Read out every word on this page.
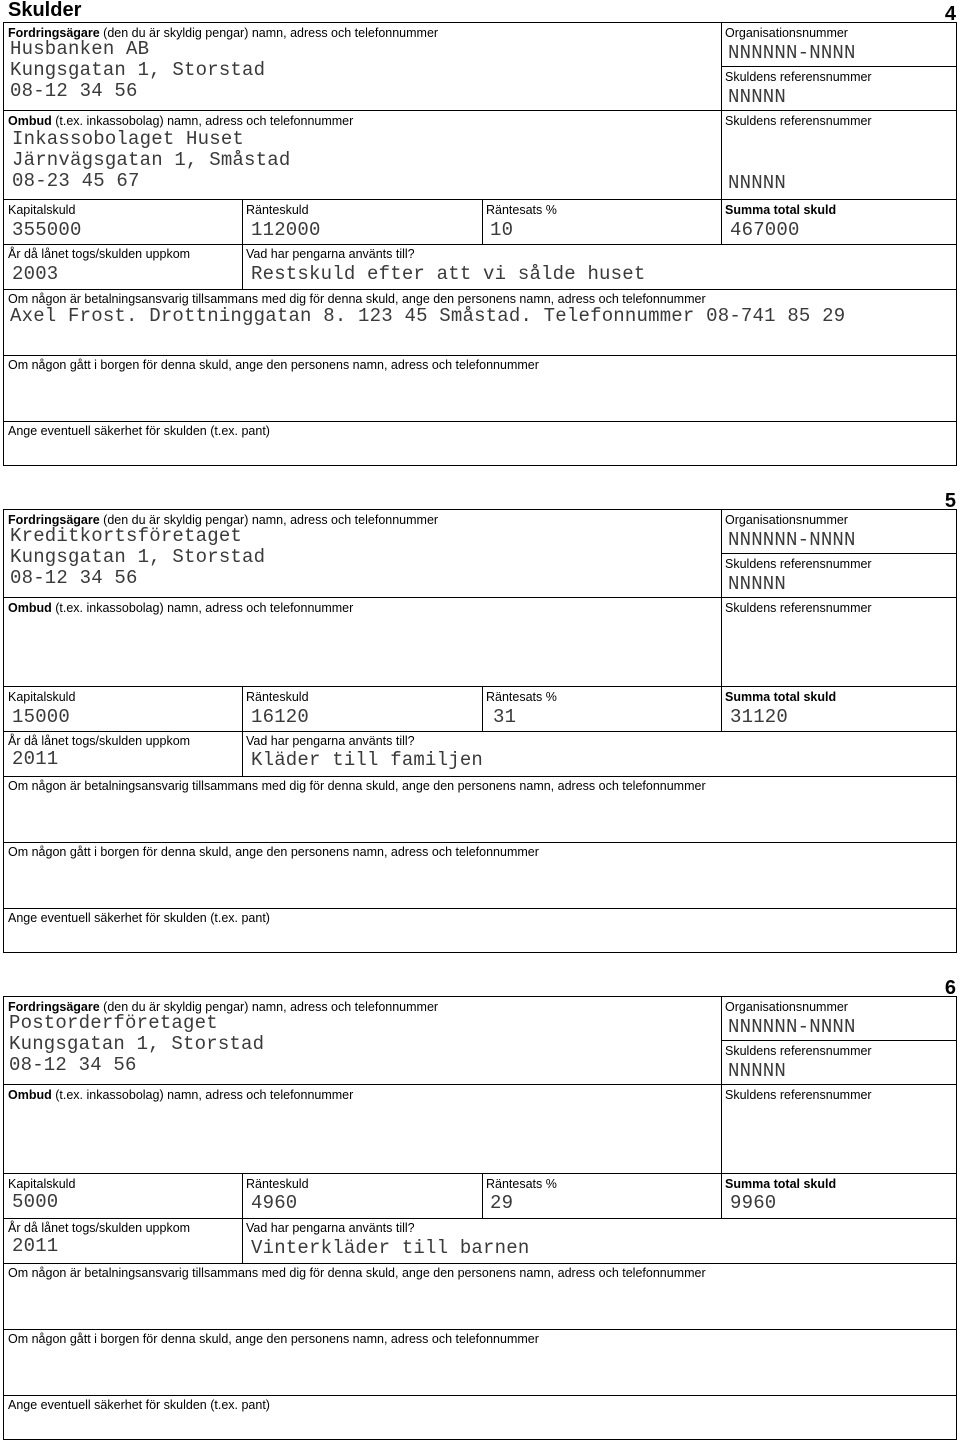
Skulder	4
Fordringsägare (den du är skyldig pengar) namn, adress och telefonnummer
Husbanken AB
Kungsgatan 1, Storstad
08-12 34 56
Organisationsnummer
NNNNNN-NNNN
Skuldens referensnummer
NNNNN
Ombud (t.ex. inkassobolag) namn, adress och telefonnummer
Inkassobolaget Huset
Järnvägsgatan 1, Småstad
08-23 45 67
Skuldens referensnummer
NNNNN
Kapitalskuld
355000
Ränteskuld
112000
Räntesats %
10
Summa total skuld
467000
År då lånet togs/skulden uppkom
2003
Vad har pengarna använts till?
Restskuld efter att vi sålde huset
Om någon är betalningsansvarig tillsammans med dig för denna skuld, ange den personens namn, adress och telefonnummer
Axel Frost. Drottninggatan 8. 123 45 Småstad. Telefonnummer 08-741 85 29
Om någon gått i borgen för denna skuld, ange den personens namn, adress och telefonnummer
Ange eventuell säkerhet för skulden (t.ex. pant)
5
Fordringsägare (den du är skyldig pengar) namn, adress och telefonnummer
Kreditkortsföretaget
Kungsgatan 1, Storstad
08-12 34 56
Organisationsnummer
NNNNNN-NNNN
Skuldens referensnummer
NNNNN
Ombud (t.ex. inkassobolag) namn, adress och telefonnummer	Skuldens referensnummer
Kapitalskuld
15000
Ränteskuld
16120
Räntesats %
31
Summa total skuld
31120
År då lånet togs/skulden uppkom
2011
Vad har pengarna använts till?
Kläder till familjen
Om någon är betalningsansvarig tillsammans med dig för denna skuld, ange den personens namn, adress och telefonnummer
Om någon gått i borgen för denna skuld, ange den personens namn, adress och telefonnummer
Ange eventuell säkerhet för skulden (t.ex. pant)
6
Fordringsägare (den du är skyldig pengar) namn, adress och telefonnummer
Postorderföretaget
Kungsgatan 1, Storstad
08-12 34 56
Organisationsnummer
NNNNNN-NNNN
Skuldens referensnummer
NNNNN
Ombud (t.ex. inkassobolag) namn, adress och telefonnummer	Skuldens referensnummer
Kapitalskuld
5000
Ränteskuld
4960
Räntesats %
29
Summa total skuld
9960
År då lånet togs/skulden uppkom
2011
Vad har pengarna använts till?
Vinterkläder till barnen
Om någon är betalningsansvarig tillsammans med dig för denna skuld, ange den personens namn, adress och telefonnummer
Om någon gått i borgen för denna skuld, ange den personens namn, adress och telefonnummer
Ange eventuell säkerhet för skulden (t.ex. pant)
